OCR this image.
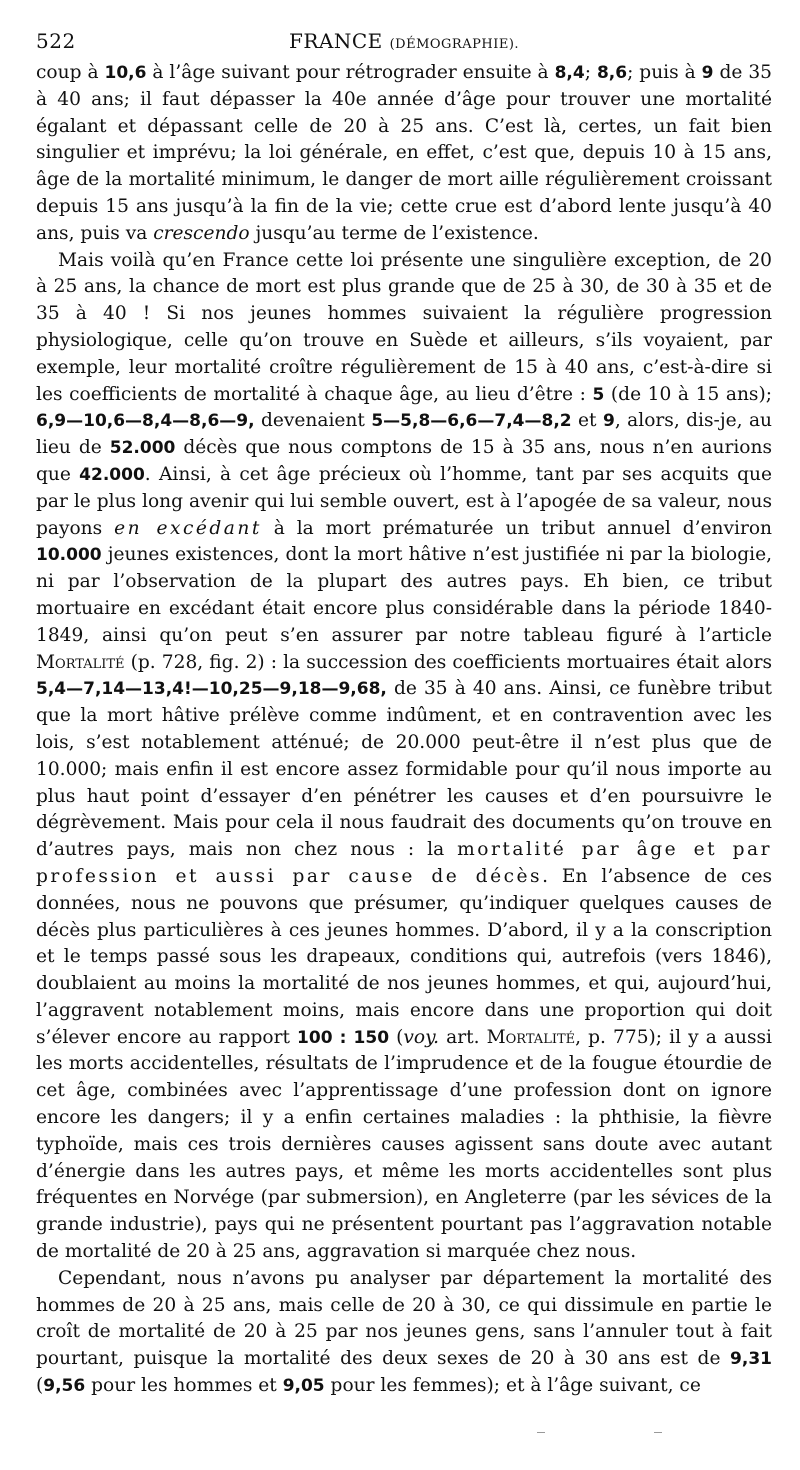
522	FRANCE (DÉMOGRAPHIE).

coup à 10,6 à l’âge suivant pour rétrograder ensuite à 8,4; 8,6; puis à 9 de 35 à 40 ans; il faut dépasser la 40e année d’âge pour trouver une mortalité égalant et dépassant celle de 20 à 25 ans. C’est là, certes, un fait bien singulier et imprévu; la loi générale, en effet, c’est que, depuis 10 à 15 ans, âge de la mortalité minimum, le danger de mort aille régulièrement croissant depuis 15 ans jusqu’à la fin de la vie; cette crue est d’abord lente jusqu’à 40 ans, puis va crescendo jusqu’au terme de l’existence.

Mais voilà qu’en France cette loi présente une singulière exception, de 20 à 25 ans, la chance de mort est plus grande que de 25 à 30, de 30 à 35 et de 35 à 40 ! Si nos jeunes hommes suivaient la régulière progression physiologique, celle qu’on trouve en Suède et ailleurs, s’ils voyaient, par exemple, leur mortalité croître régulièrement de 15 à 40 ans, c’est-à-dire si les coefficients de mortalité à chaque âge, au lieu d’être : 5 (de 10 à 15 ans); 6,9—10,6—8,4—8,6—9, devenaient 5—5,8—6,6—7,4—8,2 et 9, alors, dis-je, au lieu de 52.000 décès que nous comptons de 15 à 35 ans, nous n’en aurions que 42.000. Ainsi, à cet âge précieux où l’homme, tant par ses acquits que par le plus long avenir qui lui semble ouvert, est à l’apogée de sa valeur, nous payons en excédant à la mort prématurée un tribut annuel d’environ 10.000 jeunes existences, dont la mort hâtive n’est justifiée ni par la biologie, ni par l’observation de la plupart des autres pays. Eh bien, ce tribut mortuaire en excédant était encore plus considérable dans la période 1840-1849, ainsi qu’on peut s’en assurer par notre tableau figuré à l’article Mortalité (p. 728, fig. 2) : la succession des coefficients mortuaires était alors 5,4—7,14—13,4!—10,25—9,18—9,68, de 35 à 40 ans. Ainsi, ce funèbre tribut que la mort hâtive prélève comme indûment, et en contravention avec les lois, s’est notablement atténué; de 20.000 peut-être il n’est plus que de 10.000; mais enfin il est encore assez formidable pour qu’il nous importe au plus haut point d’essayer d’en pénétrer les causes et d’en poursuivre le dégrèvement. Mais pour cela il nous faudrait des documents qu’on trouve en d’autres pays, mais non chez nous : la mortalité par âge et par profession et aussi par cause de décès. En l’absence de ces données, nous ne pouvons que présumer, qu’indiquer quelques causes de décès plus particulières à ces jeunes hommes. D’abord, il y a la conscription et le temps passé sous les drapeaux, conditions qui, autrefois (vers 1846), doublaient au moins la mortalité de nos jeunes hommes, et qui, aujourd’hui, l’aggravent notablement moins, mais encore dans une proportion qui doit s’élever encore au rapport 100 : 150 (voy. art. Mortalité, p. 775); il y a aussi les morts accidentelles, résultats de l’imprudence et de la fougue étourdie de cet âge, combinées avec l’apprentissage d’une profession dont on ignore encore les dangers; il y a enfin certaines maladies : la phthisie, la fièvre typhoïde, mais ces trois dernières causes agissent sans doute avec autant d’énergie dans les autres pays, et même les morts accidentelles sont plus fréquentes en Norvége (par submersion), en Angleterre (par les sévices de la grande industrie), pays qui ne présentent pourtant pas l’aggravation notable de mortalité de 20 à 25 ans, aggravation si marquée chez nous.

Cependant, nous n’avons pu analyser par département la mortalité des hommes de 20 à 25 ans, mais celle de 20 à 30, ce qui dissimule en partie le croît de mortalité de 20 à 25 par nos jeunes gens, sans l’annuler tout à fait pourtant, puisque la mortalité des deux sexes de 20 à 30 ans est de 9,31 (9,56 pour les hommes et 9,05 pour les femmes); et à l’âge suivant, ce
